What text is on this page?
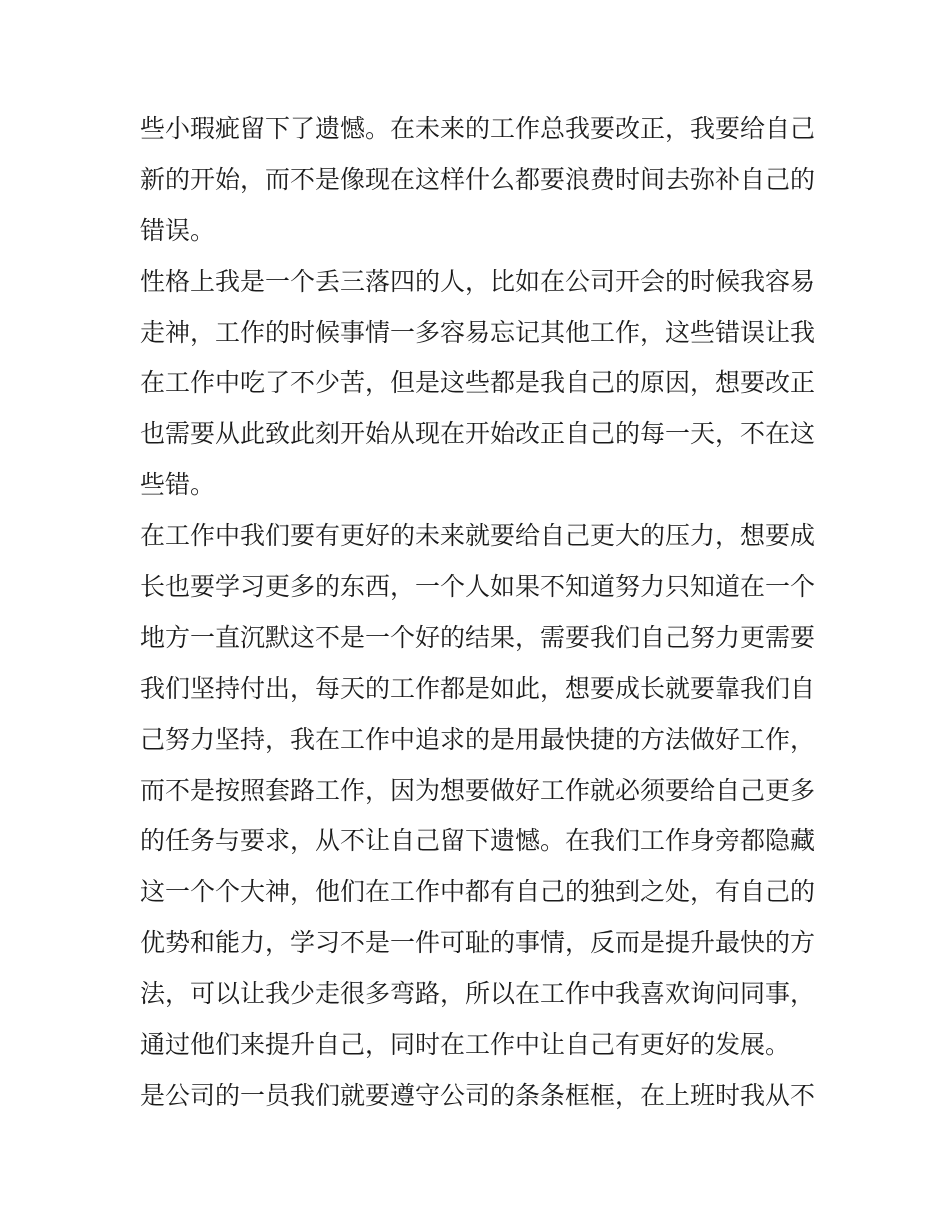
些小瑕疵留下了遗憾。在未来的工作总我要改正，我要给自己
新的开始，而不是像现在这样什么都要浪费时间去弥补自己的
错误。
性格上我是一个丢三落四的人，比如在公司开会的时候我容易
走神，工作的时候事情一多容易忘记其他工作，这些错误让我
在工作中吃了不少苦，但是这些都是我自己的原因，想要改正
也需要从此致此刻开始从现在开始改正自己的每一天，不在这
些错。
在工作中我们要有更好的未来就要给自己更大的压力，想要成
长也要学习更多的东西，一个人如果不知道努力只知道在一个
地方一直沉默这不是一个好的结果，需要我们自己努力更需要
我们坚持付出，每天的工作都是如此，想要成长就要靠我们自
己努力坚持，我在工作中追求的是用最快捷的方法做好工作，
而不是按照套路工作，因为想要做好工作就必须要给自己更多
的任务与要求，从不让自己留下遗憾。在我们工作身旁都隐藏
这一个个大神，他们在工作中都有自己的独到之处，有自己的
优势和能力，学习不是一件可耻的事情，反而是提升最快的方
法，可以让我少走很多弯路，所以在工作中我喜欢询问同事，
通过他们来提升自己，同时在工作中让自己有更好的发展。
是公司的一员我们就要遵守公司的条条框框，在上班时我从不
